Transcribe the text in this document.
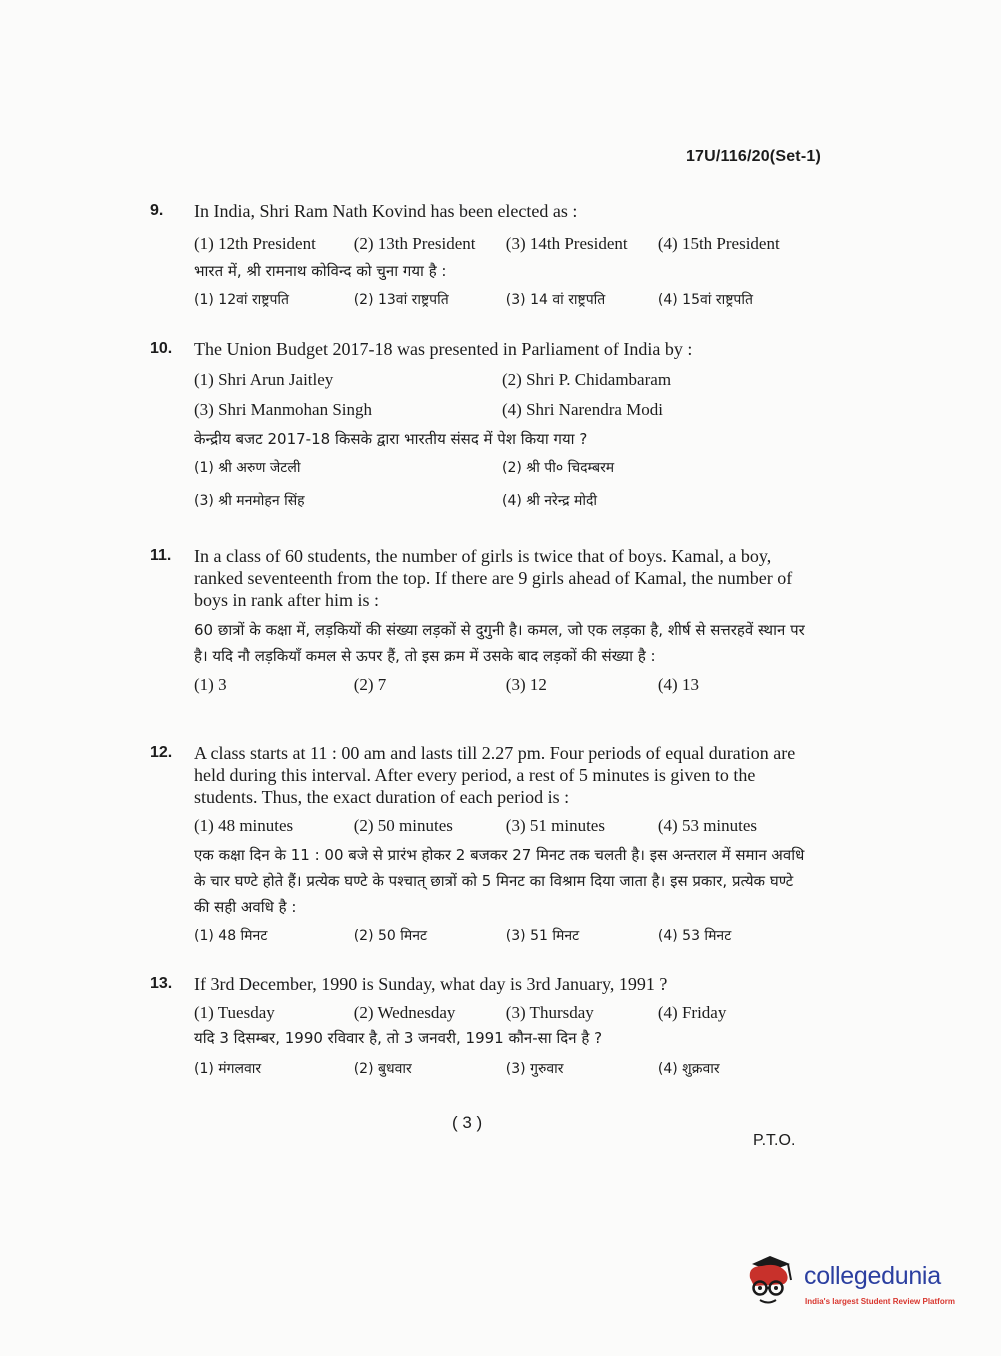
17U/116/20(Set-1)
9.	In India, Shri Ram Nath Kovind has been elected as :
(1) 12th President	(2) 13th President	(3) 14th President	(4) 15th President
भारत में, श्री रामनाथ कोविन्द को चुना गया है :
(1) 12वां राष्ट्रपति	(2) 13वां राष्ट्रपति	(3) 14 वां राष्ट्रपति	(4) 15वां राष्ट्रपति
10.	The Union Budget 2017-18 was presented in Parliament of India by :
(1) Shri Arun Jaitley	(2) Shri P. Chidambaram
(3) Shri Manmohan Singh	(4) Shri Narendra Modi
केन्द्रीय बजट 2017-18 किसके द्वारा भारतीय संसद में पेश किया गया ?
(1) श्री अरुण जेटली	(2) श्री पी० चिदम्बरम
(3) श्री मनमोहन सिंह	(4) श्री नरेन्द्र मोदी
11.	In a class of 60 students, the number of girls is twice that of boys. Kamal, a boy, ranked seventeenth from the top. If there are 9 girls ahead of Kamal, the number of boys in rank after him is :
60 छात्रों के कक्षा में, लड़कियों की संख्या लड़कों से दुगुनी है। कमल, जो एक लड़का है, शीर्ष से सत्तरहवें स्थान पर है। यदि नौ लड़कियाँ कमल से ऊपर हैं, तो इस क्रम में उसके बाद लड़कों की संख्या है :
(1) 3	(2) 7	(3) 12	(4) 13
12.	A class starts at 11 : 00 am and lasts till 2.27 pm. Four periods of equal duration are held during this interval. After every period, a rest of 5 minutes is given to the students. Thus, the exact duration of each period is :
(1) 48 minutes	(2) 50 minutes	(3) 51 minutes	(4) 53 minutes
एक कक्षा दिन के 11 : 00 बजे से प्रारंभ होकर 2 बजकर 27 मिनट तक चलती है। इस अन्तराल में समान अवधि के चार घण्टे होते हैं। प्रत्येक घण्टे के पश्चात् छात्रों को 5 मिनट का विश्राम दिया जाता है। इस प्रकार, प्रत्येक घण्टे की सही अवधि है :
(1) 48 मिनट	(2) 50 मिनट	(3) 51 मिनट	(4) 53 मिनट
13.	If 3rd December, 1990 is Sunday, what day is 3rd January, 1991 ?
(1) Tuesday	(2) Wednesday	(3) Thursday	(4) Friday
यदि 3 दिसम्बर, 1990 रविवार है, तो 3 जनवरी, 1991 कौन-सा दिन है ?
(1) मंगलवार	(2) बुधवार	(3) गुरुवार	(4) शुक्रवार
( 3 )
P.T.O.
collegedunia
India's largest Student Review Platform
